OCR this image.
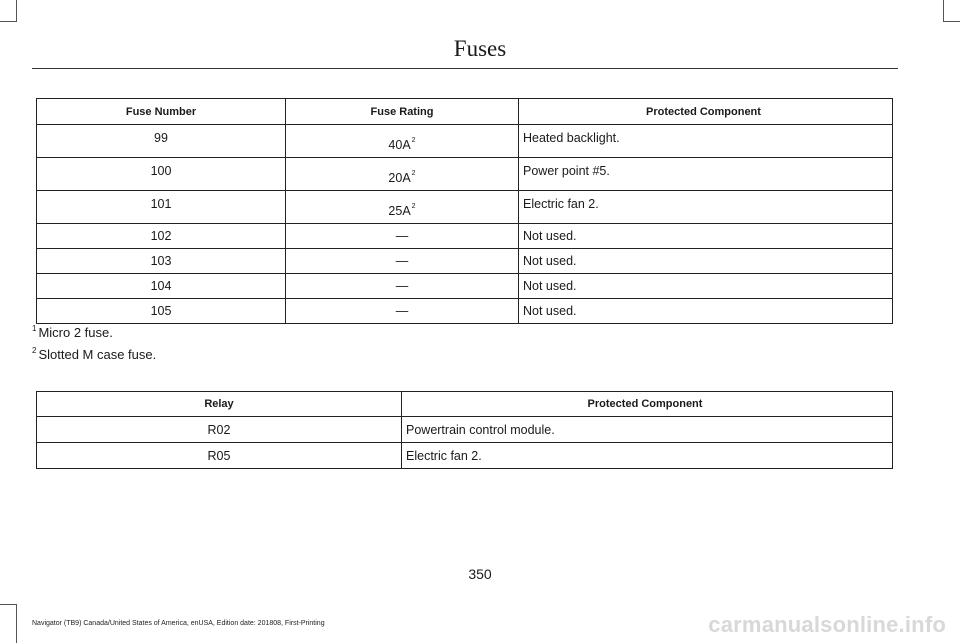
Fuses
Fuse Number	Fuse Rating	Protected Component
99	40A$^2$	Heated backlight.
100	20A$^2$	Power point #5.
101	25A$^2$	Electric fan 2.
102	—	Not used.
103	—	Not used.
104	—	Not used.
105	—	Not used.
$^1$ Micro 2 fuse.
$^2$ Slotted M case fuse.
Relay	Protected Component
R02	Powertrain control module.
R05	Electric fan 2.
350
Navigator (TB9) Canada/United States of America, enUSA, Edition date: 201808, First-Printing	carmanualsonline.info
